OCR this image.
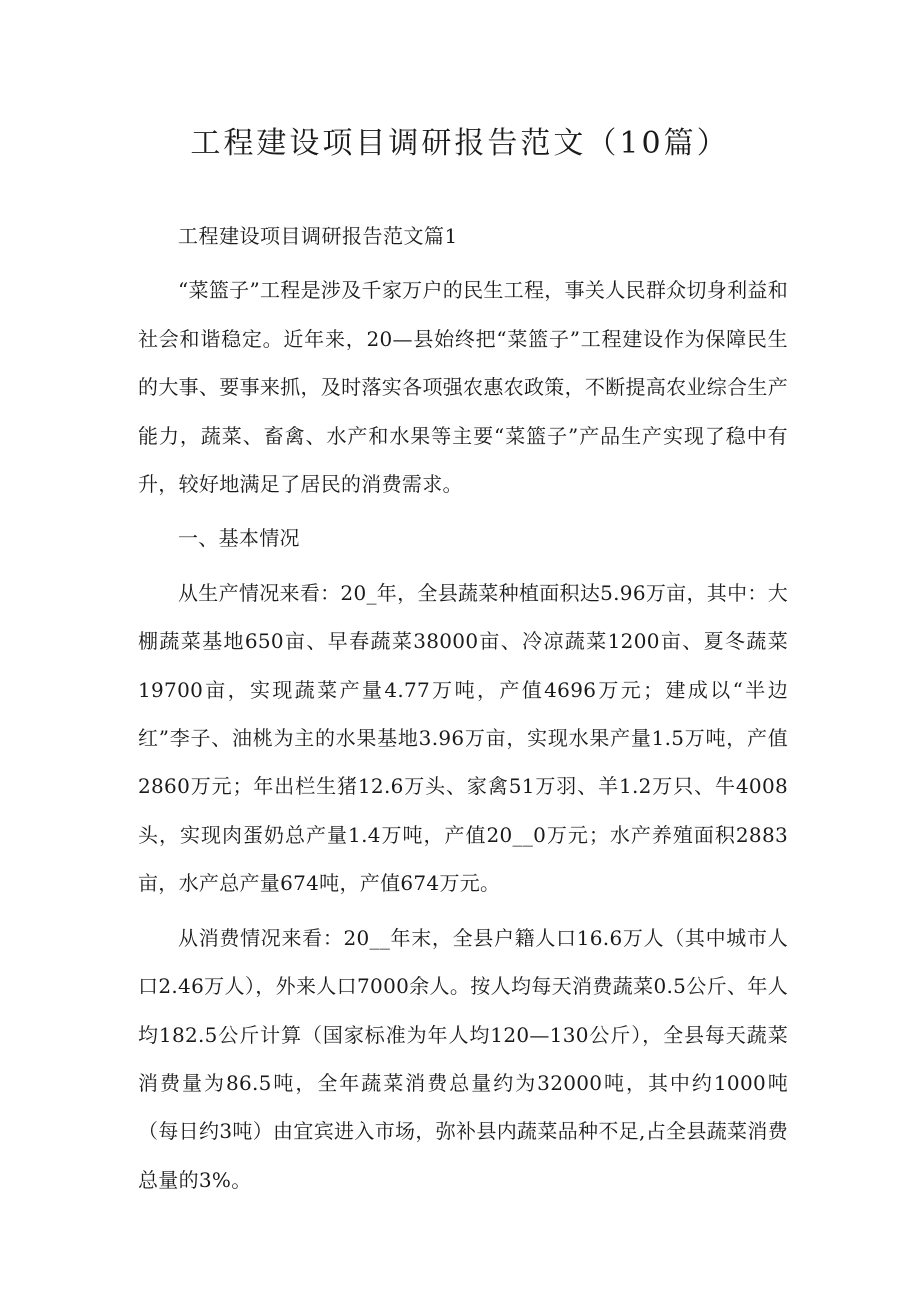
工程建设项目调研报告范文（10篇）

工程建设项目调研报告范文篇1

“菜篮子”工程是涉及千家万户的民生工程，事关人民群众切身利益和社会和谐稳定。近年来，20—县始终把“菜篮子”工程建设作为保障民生的大事、要事来抓，及时落实各项强农惠农政策，不断提高农业综合生产能力，蔬菜、畜禽、水产和水果等主要“菜篮子”产品生产实现了稳中有升，较好地满足了居民的消费需求。

一、基本情况

从生产情况来看：20_年，全县蔬菜种植面积达5.96万亩，其中：大棚蔬菜基地650亩、早春蔬菜38000亩、冷凉蔬菜1200亩、夏冬蔬菜19700亩，实现蔬菜产量4.77万吨，产值4696万元；建成以“半边红”李子、油桃为主的水果基地3.96万亩，实现水果产量1.5万吨，产值2860万元；年出栏生猪12.6万头、家禽51万羽、羊1.2万只、牛4008头，实现肉蛋奶总产量1.4万吨，产值20__0万元；水产养殖面积2883亩，水产总产量674吨，产值674万元。

从消费情况来看：20__年末，全县户籍人口16.6万人（其中城市人口2.46万人），外来人口7000余人。按人均每天消费蔬菜0.5公斤、年人均182.5公斤计算（国家标准为年人均120—130公斤），全县每天蔬菜消费量为86.5吨，全年蔬菜消费总量约为32000吨，其中约1000吨（每日约3吨）由宜宾进入市场，弥补县内蔬菜品种不足,占全县蔬菜消费总量的3%。
